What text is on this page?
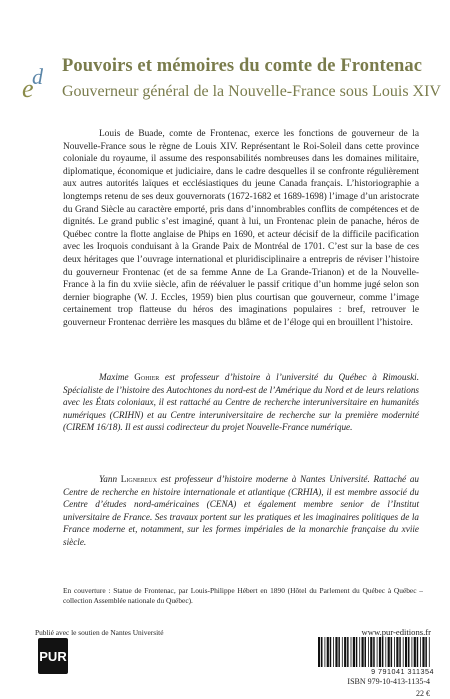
e
d Pouvoirs et mémoires du comte de Frontenac
Gouverneur général de la Nouvelle-France sous Louis XIV

Louis de Buade, comte de Frontenac, exerce les fonctions de gouverneur de la Nouvelle-France sous le règne de Louis XIV. Représentant le Roi-Soleil dans cette province coloniale du royaume, il assume des responsabilités nombreuses dans les domaines militaire, diplomatique, économique et judiciaire, dans le cadre desquelles il se confronte régulièrement aux autres autorités laïques et ecclésiastiques du jeune Canada français. L’historiographie a longtemps retenu de ses deux gouvernorats (1672-1682 et 1689-1698) l’image d’un aristocrate du Grand Siècle au caractère emporté, pris dans d’innombrables conflits de compétences et de dignités. Le grand public s’est imaginé, quant à lui, un Frontenac plein de panache, héros de Québec contre la flotte anglaise de Phips en 1690, et acteur décisif de la difficile pacification avec les Iroquois conduisant à la Grande Paix de Montréal de 1701. C’est sur la base de ces deux héritages que l’ouvrage international et pluridisciplinaire a entrepris de réviser l’histoire du gouverneur Frontenac (et de sa femme Anne de La Grande-Trianon) et de la Nouvelle-France à la fin du xviie siècle, afin de réévaluer le passif critique d’un homme jugé selon son dernier biographe (W. J. Eccles, 1959) bien plus courtisan que gouverneur, comme l’image certainement trop flatteuse du héros des imaginations populaires : bref, retrouver le gouverneur Frontenac derrière les masques du blâme et de l’éloge qui en brouillent l’histoire.

Maxime Gohier est professeur d’histoire à l’université du Québec à Rimouski. Spécialiste de l’histoire des Autochtones du nord-est de l’Amérique du Nord et de leurs relations avec les États coloniaux, il est rattaché au Centre de recherche interuniversitaire en humanités numériques (CRIHN) et au Centre interuniversitaire de recherche sur la première modernité (CIREM 16/18). Il est aussi codirecteur du projet Nouvelle-France numérique.

Yann Lignereux est professeur d’histoire moderne à Nantes Université. Rattaché au Centre de recherche en histoire internationale et atlantique (CRHIA), il est membre associé du Centre d’études nord-américaines (CENA) et également membre senior de l’Institut universitaire de France. Ses travaux portent sur les pratiques et les imaginaires politiques de la France moderne et, notamment, sur les formes impériales de la monarchie française du xviie siècle.

En couverture : Statue de Frontenac, par Louis-Philippe Hébert en 1890 (Hôtel du Parlement du Québec à Québec – collection Assemblée nationale du Québec).
Publié avec le soutien de Nantes Université	www.pur-editions.fr
PUR
9 791041 311354
ISBN 979-10-413-1135-4
22 €
